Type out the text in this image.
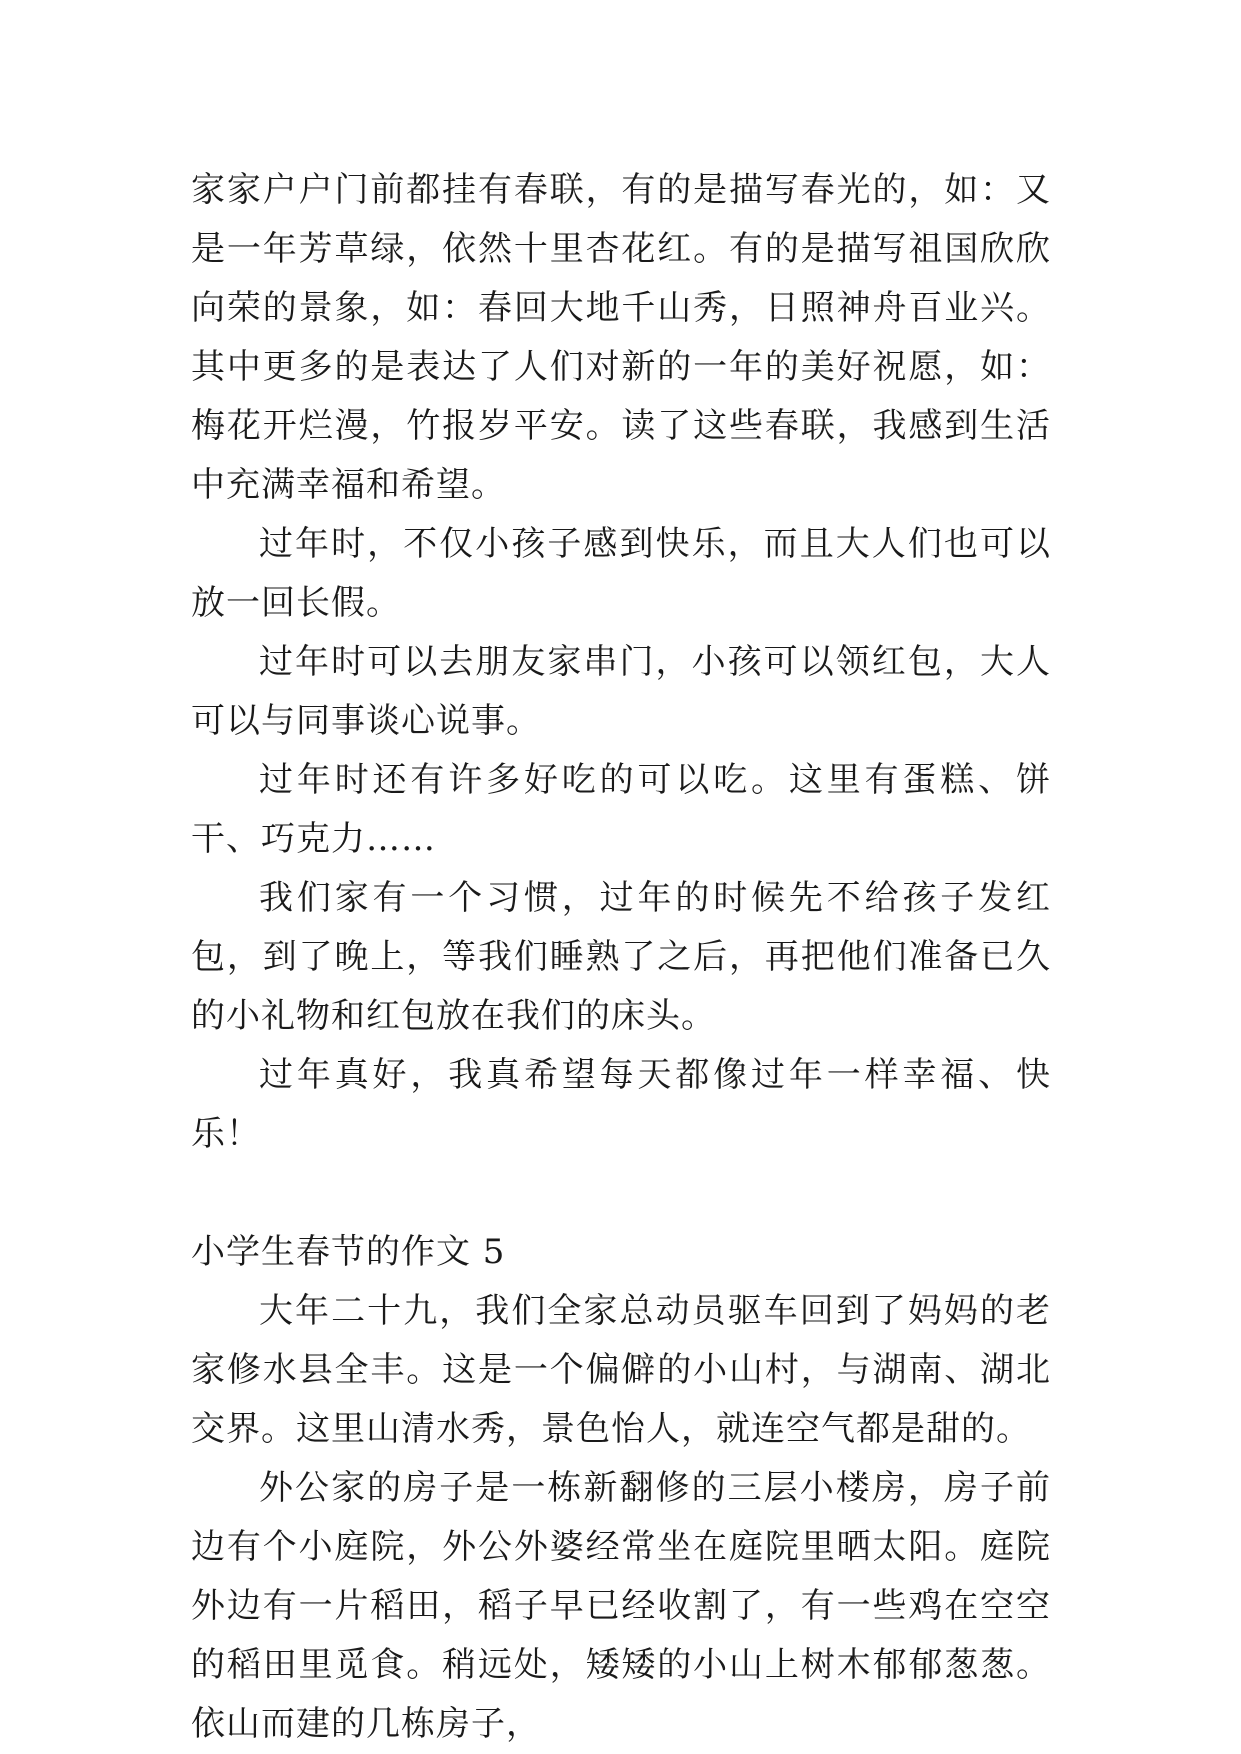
家家户户门前都挂有春联，有的是描写春光的，如：又是一年芳草绿，依然十里杏花红。有的是描写祖国欣欣向荣的景象，如：春回大地千山秀，日照神舟百业兴。其中更多的是表达了人们对新的一年的美好祝愿，如：梅花开烂漫，竹报岁平安。读了这些春联，我感到生活中充满幸福和希望。

过年时，不仅小孩子感到快乐，而且大人们也可以放一回长假。

过年时可以去朋友家串门，小孩可以领红包，大人可以与同事谈心说事。

过年时还有许多好吃的可以吃。这里有蛋糕、饼干、巧克力……

我们家有一个习惯，过年的时候先不给孩子发红包，到了晚上，等我们睡熟了之后，再把他们准备已久的小礼物和红包放在我们的床头。

过年真好，我真希望每天都像过年一样幸福、快乐！

小学生春节的作文 5

大年二十九，我们全家总动员驱车回到了妈妈的老家修水县全丰。这是一个偏僻的小山村，与湖南、湖北交界。这里山清水秀，景色怡人，就连空气都是甜的。

外公家的房子是一栋新翻修的三层小楼房，房子前边有个小庭院，外公外婆经常坐在庭院里晒太阳。庭院外边有一片稻田，稻子早已经收割了，有一些鸡在空空的稻田里觅食。稍远处，矮矮的小山上树木郁郁葱葱。依山而建的几栋房子，
